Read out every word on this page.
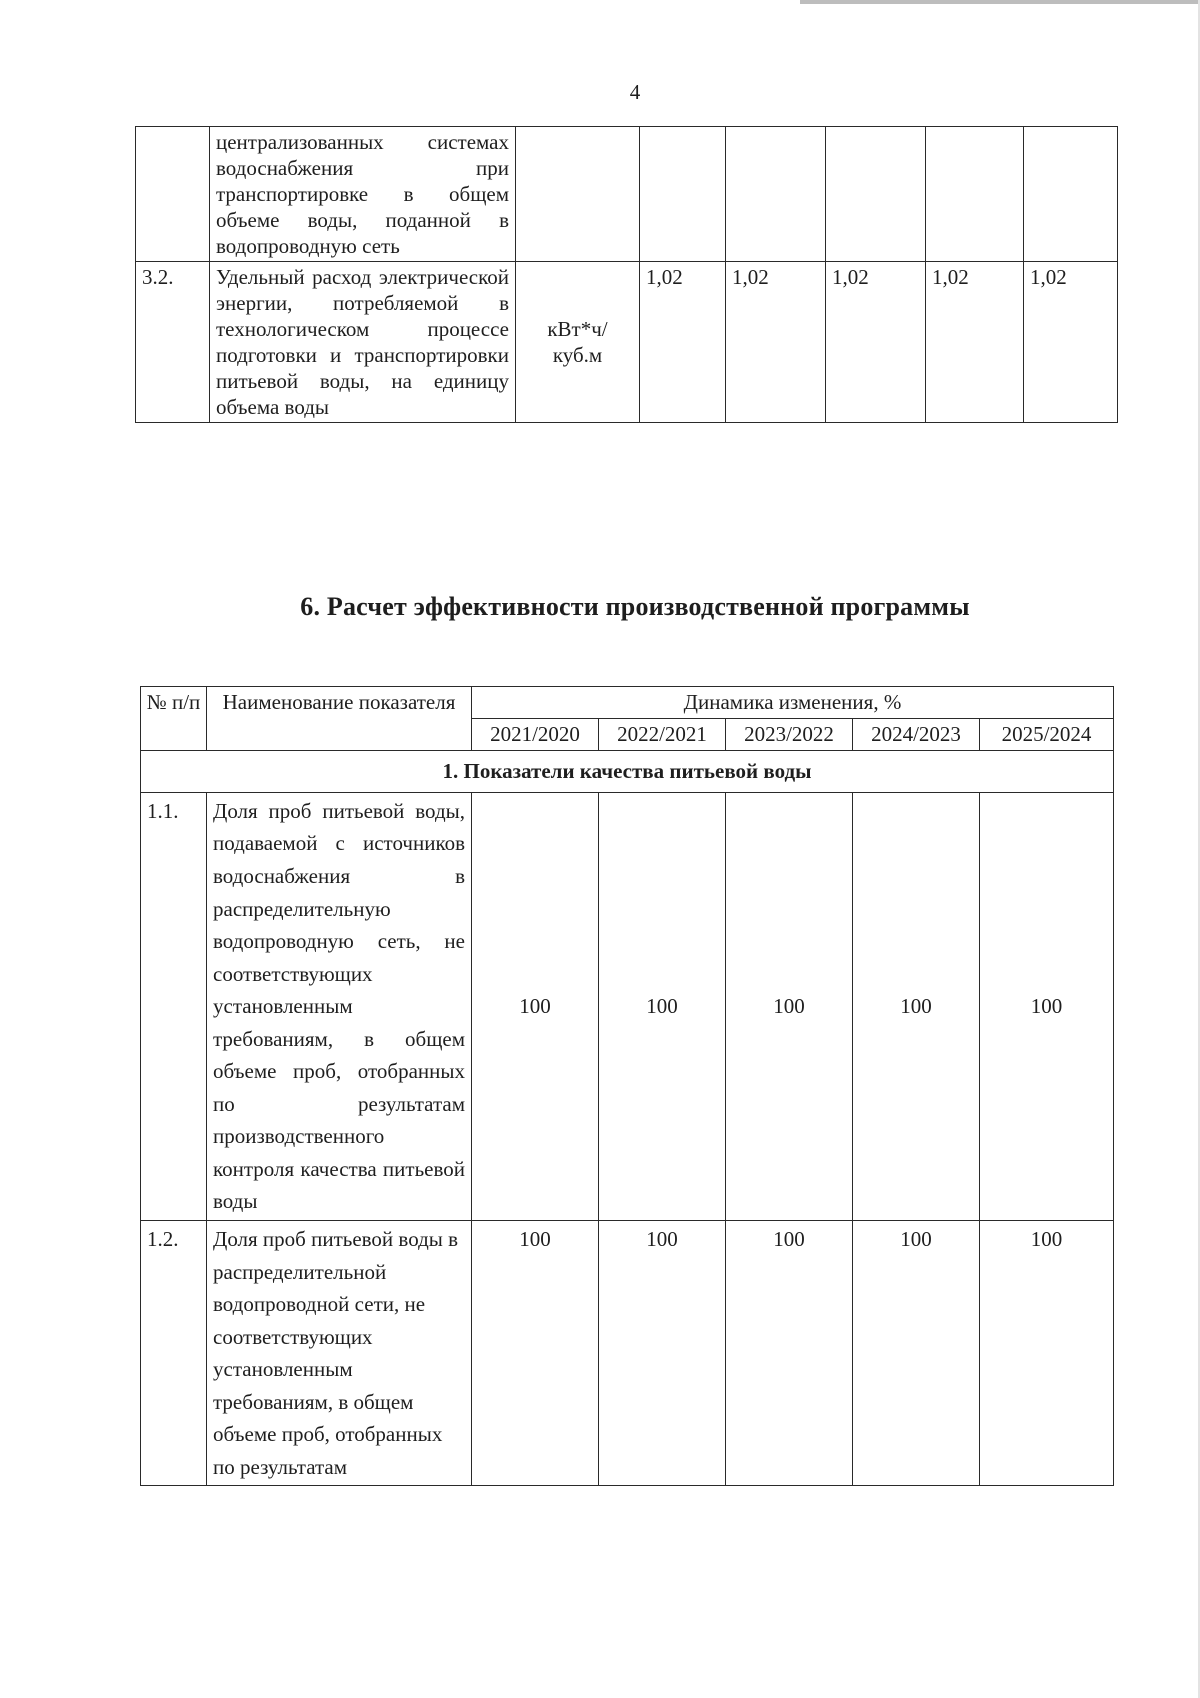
4
	централизованных системах водоснабжения при транспортировке в общем объеме воды, поданной в водопроводную сеть						
3.2.	Удельный расход электрической энергии, потребляемой в технологическом процессе подготовки и транспортировки питьевой воды, на единицу объема воды	кВт*ч/ куб.м	1,02	1,02	1,02	1,02	1,02
6. Расчет эффективности производственной программы
№ п/п	Наименование показателя	Динамика изменения, %				
		2021/2020	2022/2021	2023/2022	2024/2023	2025/2024
1. Показатели качества питьевой воды						
1.1.	Доля проб питьевой воды, подаваемой с источников водоснабжения в распределительную водопроводную сеть, не соответствующих установленным требованиям, в общем объеме проб, отобранных по результатам производственного контроля качества питьевой воды	100	100	100	100	100
1.2.	Доля проб питьевой воды в распределительной водопроводной сети, не соответствующих установленным требованиям, в общем объеме проб, отобранных по результатам	100	100	100	100	100
